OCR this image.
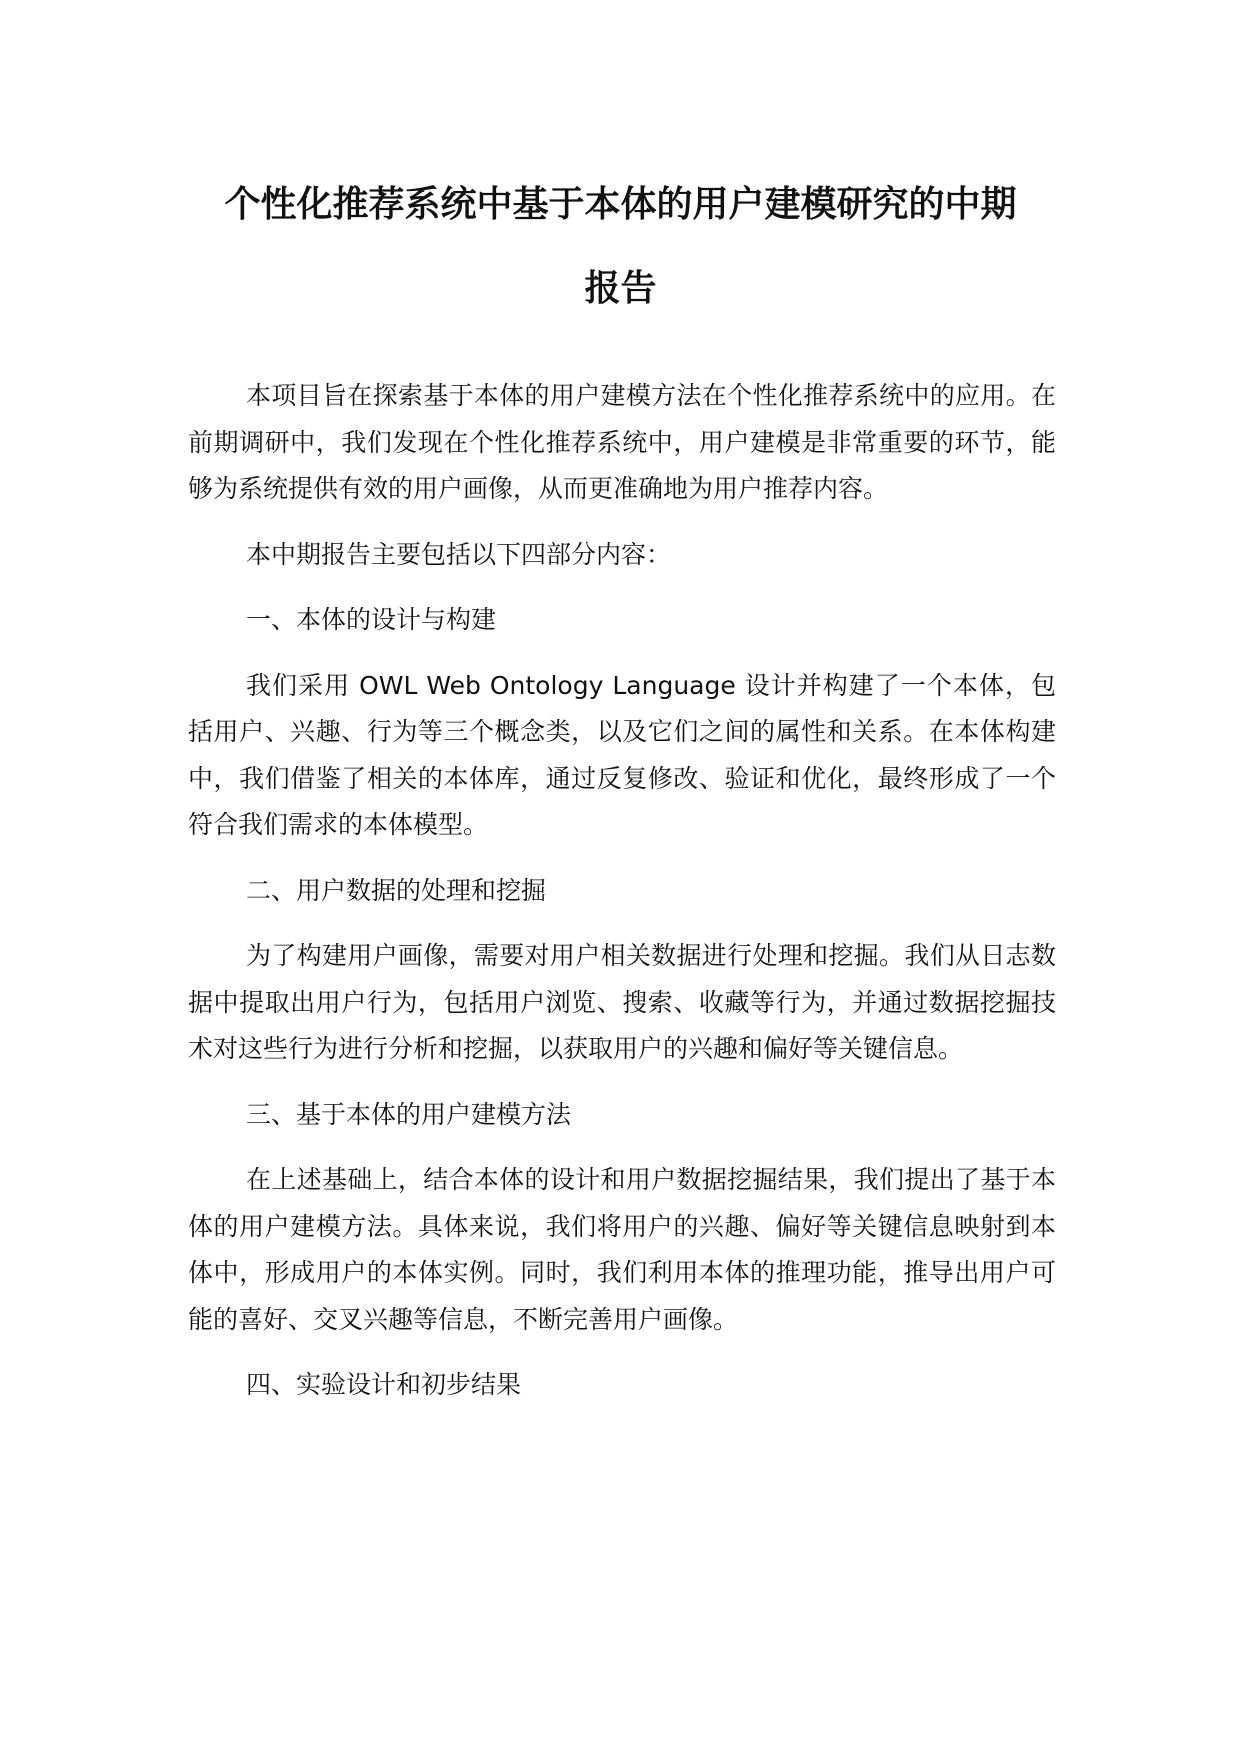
个性化推荐系统中基于本体的用户建模研究的中期
报告

本项目旨在探索基于本体的用户建模方法在个性化推荐系统中的应用。在前期调研中，我们发现在个性化推荐系统中，用户建模是非常重要的环节，能够为系统提供有效的用户画像，从而更准确地为用户推荐内容。

本中期报告主要包括以下四部分内容：

一、本体的设计与构建

我们采用 OWL Web Ontology Language 设计并构建了一个本体，包括用户、兴趣、行为等三个概念类，以及它们之间的属性和关系。在本体构建中，我们借鉴了相关的本体库，通过反复修改、验证和优化，最终形成了一个符合我们需求的本体模型。

二、用户数据的处理和挖掘

为了构建用户画像，需要对用户相关数据进行处理和挖掘。我们从日志数据中提取出用户行为，包括用户浏览、搜索、收藏等行为，并通过数据挖掘技术对这些行为进行分析和挖掘，以获取用户的兴趣和偏好等关键信息。

三、基于本体的用户建模方法

在上述基础上，结合本体的设计和用户数据挖掘结果，我们提出了基于本体的用户建模方法。具体来说，我们将用户的兴趣、偏好等关键信息映射到本体中，形成用户的本体实例。同时，我们利用本体的推理功能，推导出用户可能的喜好、交叉兴趣等信息，不断完善用户画像。

四、实验设计和初步结果
